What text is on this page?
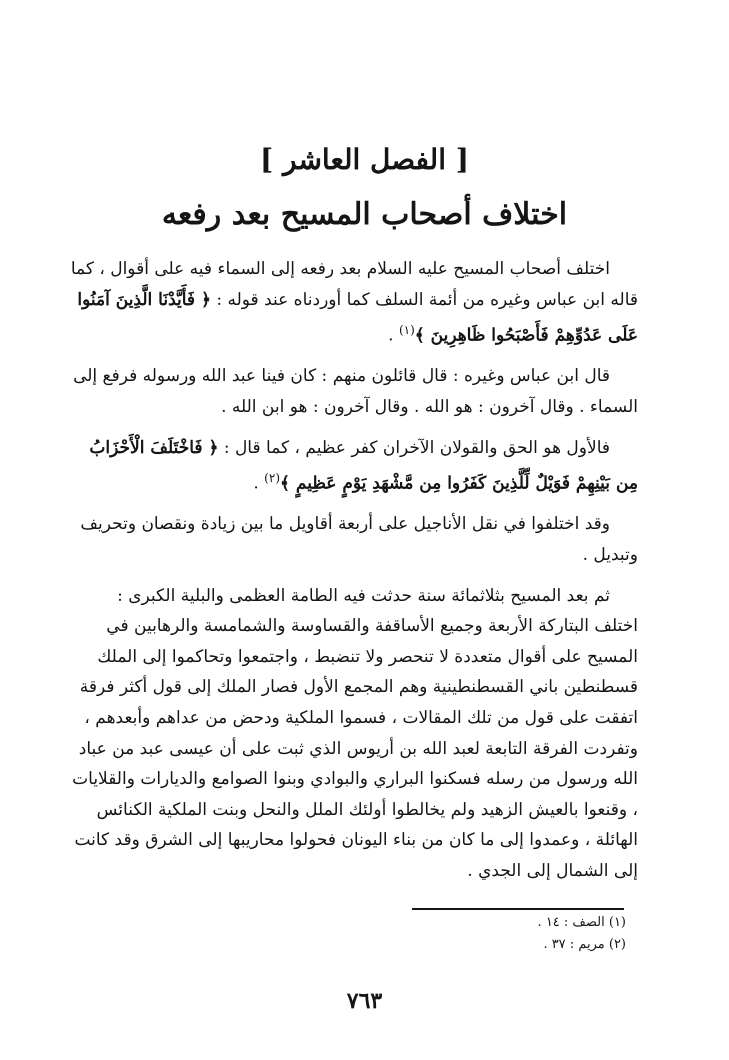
[ الفصل العاشر ]
اختلاف أصحاب المسيح بعد رفعه

اختلف أصحاب المسيح عليه السلام بعد رفعه إلى السماء فيه على أقوال ، كما قاله ابن عباس وغيره من أئمة السلف كما أوردناه عند قوله : ﴿ فَأَيَّدْنَا الَّذِينَ آمَنُوا عَلَى عَدُوِّهِمْ فَأَصْبَحُوا ظَاهِرِينَ ﴾$^{(١)}$ .

قال ابن عباس وغيره : قال قائلون منهم : كان فينا عبد الله ورسوله فرفع إلى السماء . وقال آخرون : هو الله . وقال آخرون : هو ابن الله .

فالأول هو الحق والقولان الآخران كفر عظيم ، كما قال : ﴿ فَاخْتَلَفَ الْأَحْزَابُ مِن بَيْنِهِمْ فَوَيْلٌ لِّلَّذِينَ كَفَرُوا مِن مَّشْهَدِ يَوْمٍ عَظِيمٍ ﴾$^{(٢)}$ .

وقد اختلفوا في نقل الأناجيل على أربعة أقاويل ما بين زيادة ونقصان وتحريف وتبديل .

ثم بعد المسيح بثلاثمائة سنة حدثت فيه الطامة العظمى والبلية الكبرى : اختلف البتاركة الأربعة وجميع الأساقفة والقساوسة والشمامسة والرهابين في المسيح على أقوال متعددة لا تنحصر ولا تنضبط ، واجتمعوا وتحاكموا إلى الملك قسطنطين باني القسطنطينية وهم المجمع الأول فصار الملك إلى قول أكثر فرقة اتفقت على قول من تلك المقالات ، فسموا الملكية ودحض من عداهم وأبعدهم ، وتفردت الفرقة التابعة لعبد الله بن أريوس الذي ثبت على أن عيسى عبد من عباد الله ورسول من رسله فسكنوا البراري والبوادي وبنوا الصوامع والديارات والقلايات ، وقنعوا بالعيش الزهيد ولم يخالطوا أولئك الملل والنحل وبنت الملكية الكنائس الهائلة ، وعمدوا إلى ما كان من بناء اليونان فحولوا محاريبها إلى الشرق وقد كانت إلى الشمال إلى الجدي .

(١) الصف : ١٤ .
(٢) مريم : ٣٧ .
٧٦٣
